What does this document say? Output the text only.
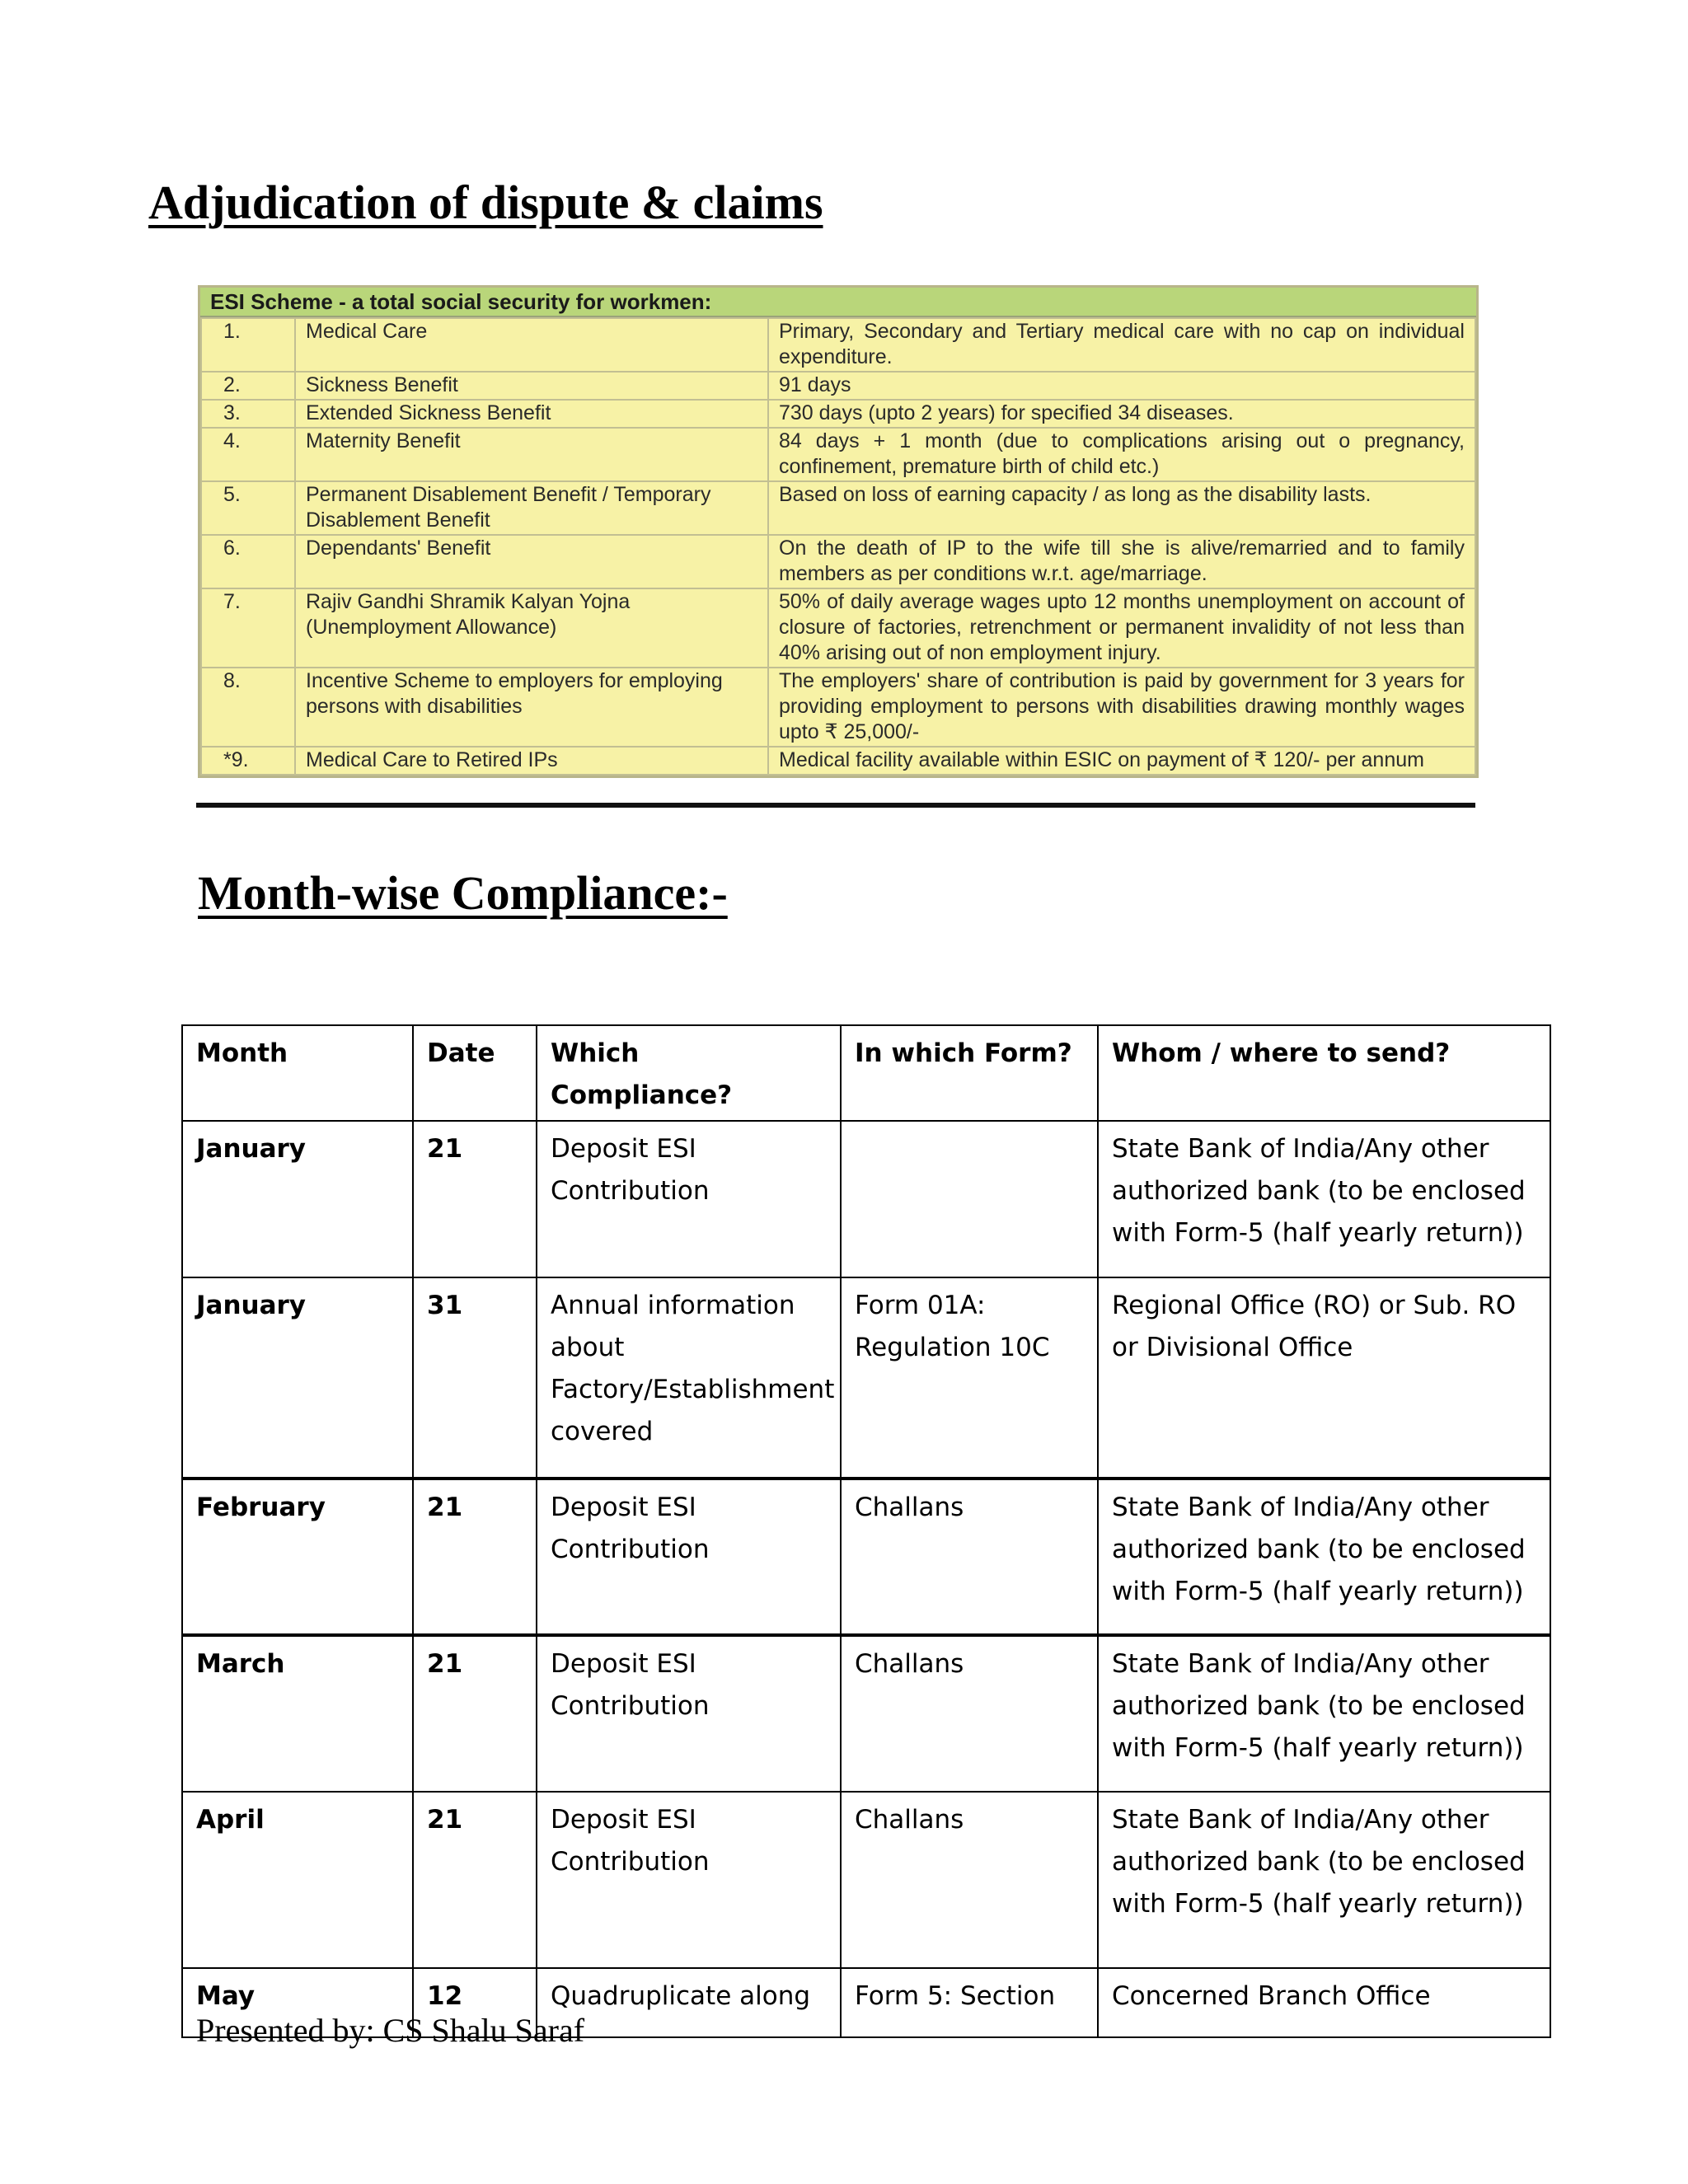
Adjudication of dispute & claims
ESI Scheme - a total social security for workmen:
1.	Medical Care	Primary, Secondary and Tertiary medical care with no cap on individual expenditure.
2.	Sickness Benefit	91 days
3.	Extended Sickness Benefit	730 days (upto 2 years) for specified 34 diseases.
4.	Maternity Benefit	84 days + 1 month (due to complications arising out o pregnancy, confinement, premature birth of child etc.)
5.	Permanent Disablement Benefit / Temporary Disablement Benefit	Based on loss of earning capacity / as long as the disability lasts.
6.	Dependants' Benefit	On the death of IP to the wife till she is alive/remarried and to family members as per conditions w.r.t. age/marriage.
7.	Rajiv Gandhi Shramik Kalyan Yojna (Unemployment Allowance)	50% of daily average wages upto 12 months unemployment on account of closure of factories, retrenchment or permanent invalidity of not less than 40% arising out of non employment injury.
8.	Incentive Scheme to employers for employing persons with disabilities	The employers' share of contribution is paid by government for 3 years for providing employment to persons with disabilities drawing monthly wages upto ₹ 25,000/-
*9.	Medical Care to Retired IPs	Medical facility available within ESIC on payment of ₹ 120/- per annum
Month-wise Compliance:-
Month	Date	Which Compliance?	In which Form?	Whom / where to send?
January	21	Deposit ESI Contribution		State Bank of India/Any other authorized bank (to be enclosed with Form-5 (half yearly return))
January	31	Annual information about Factory/Establishment covered	Form 01A: Regulation 10C	Regional Office (RO) or Sub. RO or Divisional Office
February	21	Deposit ESI Contribution	Challans	State Bank of India/Any other authorized bank (to be enclosed with Form-5 (half yearly return))
March	21	Deposit ESI Contribution	Challans	State Bank of India/Any other authorized bank (to be enclosed with Form-5 (half yearly return))
April	21	Deposit ESI Contribution	Challans	State Bank of India/Any other authorized bank (to be enclosed with Form-5 (half yearly return))
May	12	Quadruplicate along	Form 5: Section	Concerned Branch Office
Presented by: CS Shalu Saraf
